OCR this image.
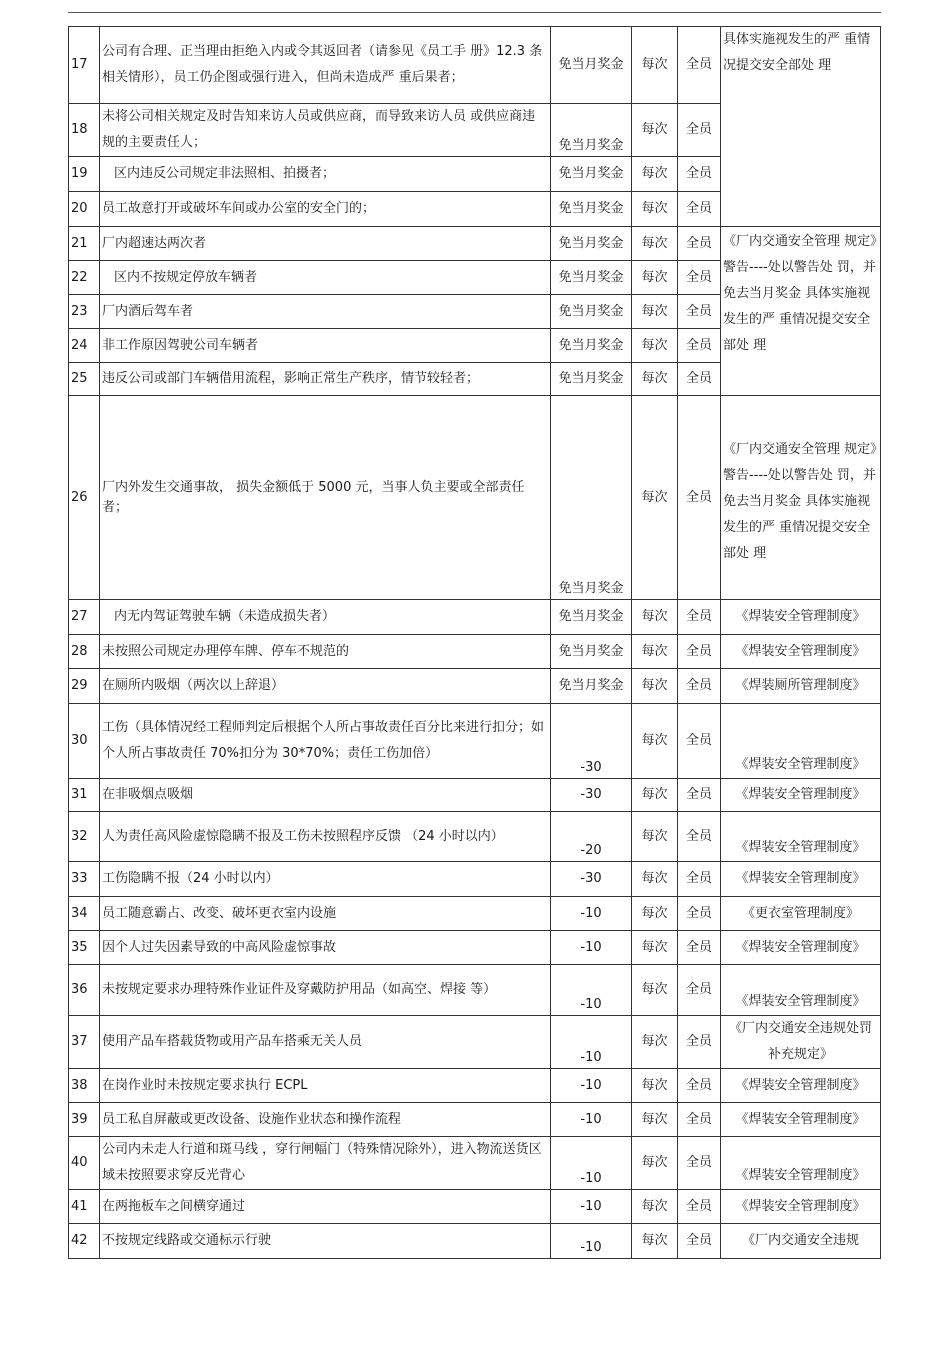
17	公司有合理、正当理由拒绝入内或令其返回者（请参见《员工手 册》12.3 条相关情形），员工仍企图或强行进入，但尚未造成严 重后果者；	免当月奖金	每次	全员	具体实施视发生的严 重情况提交安全部处 理
18	未将公司相关规定及时告知来访人员或供应商，而导致来访人员 或供应商违规的主要责任人；	免当月奖金	每次	全员	
19	区内违反公司规定非法照相、拍摄者；	免当月奖金	每次	全员	
20	员工故意打开或破坏车间或办公室的安全门的；	免当月奖金	每次	全员	
21	厂内超速达两次者	免当月奖金	每次	全员	《厂内交通安全管理 规定》警告----处以警告处 罚，并免去当月奖金 具体实施视发生的严 重情况提交安全部处 理
22	区内不按规定停放车辆者	免当月奖金	每次	全员	
23	厂内酒后驾车者	免当月奖金	每次	全员	
24	非工作原因驾驶公司车辆者	免当月奖金	每次	全员	
25	违反公司或部门车辆借用流程，影响正常生产秩序，情节较轻者；	免当月奖金	每次	全员	
26	厂内外发生交通事故， 损失金额低于 5000 元，当事人负主要或全部责任者；	免当月奖金	每次	全员	《厂内交通安全管理 规定》警告----处以警告处 罚，并免去当月奖金 具体实施视发生的严 重情况提交安全部处 理
27	内无内驾证驾驶车辆（未造成损失者）	免当月奖金	每次	全员	《焊装安全管理制度》
28	未按照公司规定办理停车牌、停车不规范的	免当月奖金	每次	全员	《焊装安全管理制度》
29	在厕所内吸烟（两次以上辞退）	免当月奖金	每次	全员	《焊装厕所管理制度》
30	工伤（具体情况经工程师判定后根据个人所占事故责任百分比来进行扣分；如个人所占事故责任 70%扣分为 30*70%；责任工伤加倍）	-30	每次	全员	《焊装安全管理制度》
31	在非吸烟点吸烟	-30	每次	全员	《焊装安全管理制度》
32	人为责任高风险虚惊隐瞒不报及工伤未按照程序反馈 （24 小时以内）	-20	每次	全员	《焊装安全管理制度》
33	工伤隐瞒不报（24 小时以内）	-30	每次	全员	《焊装安全管理制度》
34	员工随意霸占、改变、破坏更衣室内设施	-10	每次	全员	《更衣室管理制度》
35	因个人过失因素导致的中高风险虚惊事故	-10	每次	全员	《焊装安全管理制度》
36	未按规定要求办理特殊作业证件及穿戴防护用品（如高空、焊接 等）	-10	每次	全员	《焊装安全管理制度》
37	使用产品车搭载货物或用产品车搭乘无关人员	-10	每次	全员	《厂内交通安全违规处罚补充规定》
38	在岗作业时未按规定要求执行 ECPL	-10	每次	全员	《焊装安全管理制度》
39	员工私自屏蔽或更改设备、设施作业状态和操作流程	-10	每次	全员	《焊装安全管理制度》
40	公司内未走人行道和斑马线 ，穿行闸幅门（特殊情况除外），进入物流送货区域未按照要求穿反光背心	-10	每次	全员	《焊装安全管理制度》
41	在两拖板车之间横穿通过	-10	每次	全员	《焊装安全管理制度》
42	不按规定线路或交通标示行驶	-10	每次	全员	《厂内交通安全违规
